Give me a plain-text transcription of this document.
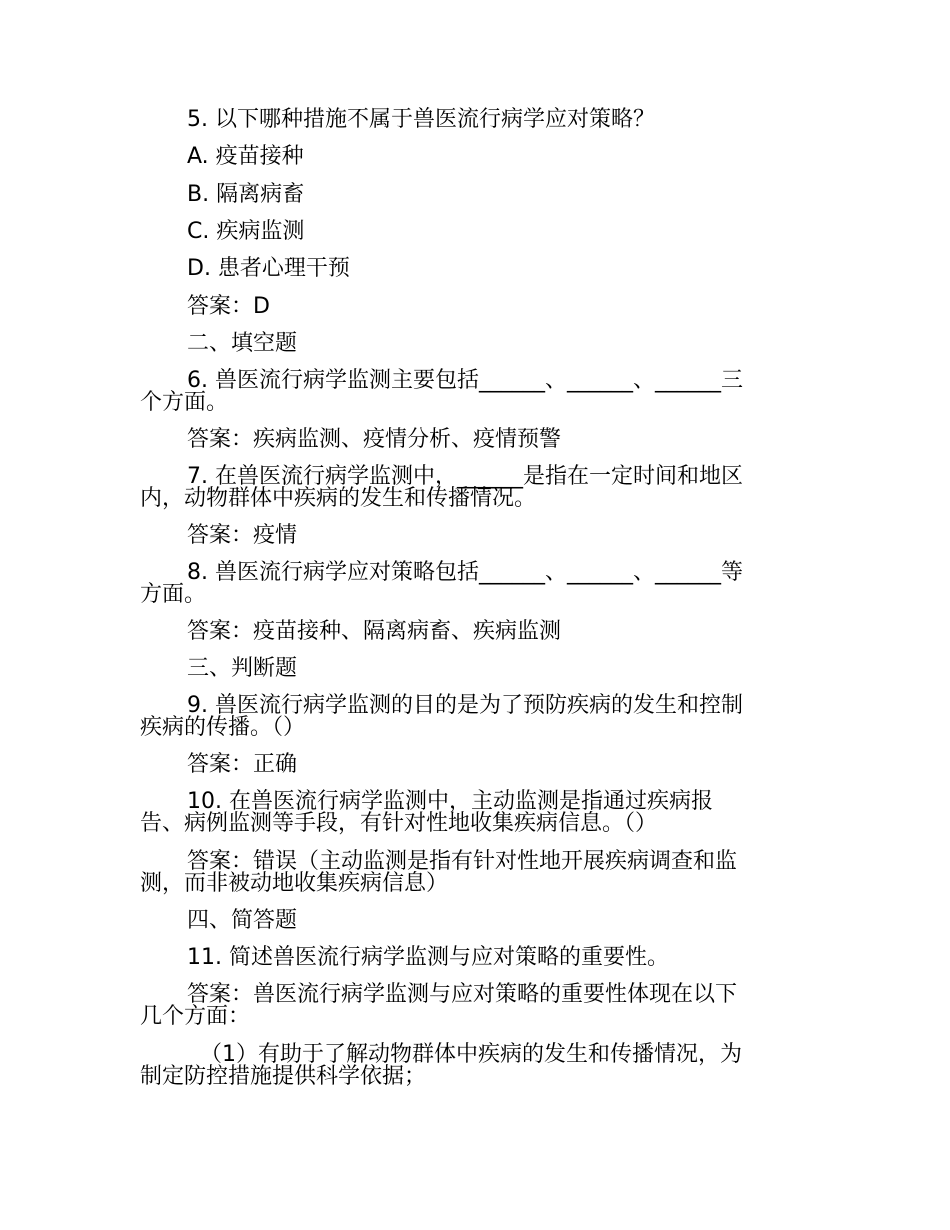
5. 以下哪种措施不属于兽医流行病学应对策略？
A. 疫苗接种
B. 隔离病畜
C. 疾病监测
D. 患者心理干预
答案：D
二、填空题
6. 兽医流行病学监测主要包括______、______、______三
个方面。
答案：疾病监测、疫情分析、疫情预警
7. 在兽医流行病学监测中，______是指在一定时间和地区
内，动物群体中疾病的发生和传播情况。
答案：疫情
8. 兽医流行病学应对策略包括______、______、______等
方面。
答案：疫苗接种、隔离病畜、疾病监测
三、判断题
9. 兽医流行病学监测的目的是为了预防疾病的发生和控制
疾病的传播。（）
答案：正确
10. 在兽医流行病学监测中，主动监测是指通过疾病报
告、病例监测等手段，有针对性地收集疾病信息。（）
答案：错误（主动监测是指有针对性地开展疾病调查和监
测，而非被动地收集疾病信息）
四、简答题
11. 简述兽医流行病学监测与应对策略的重要性。
答案：兽医流行病学监测与应对策略的重要性体现在以下
几个方面：
（1）有助于了解动物群体中疾病的发生和传播情况，为
制定防控措施提供科学依据；
